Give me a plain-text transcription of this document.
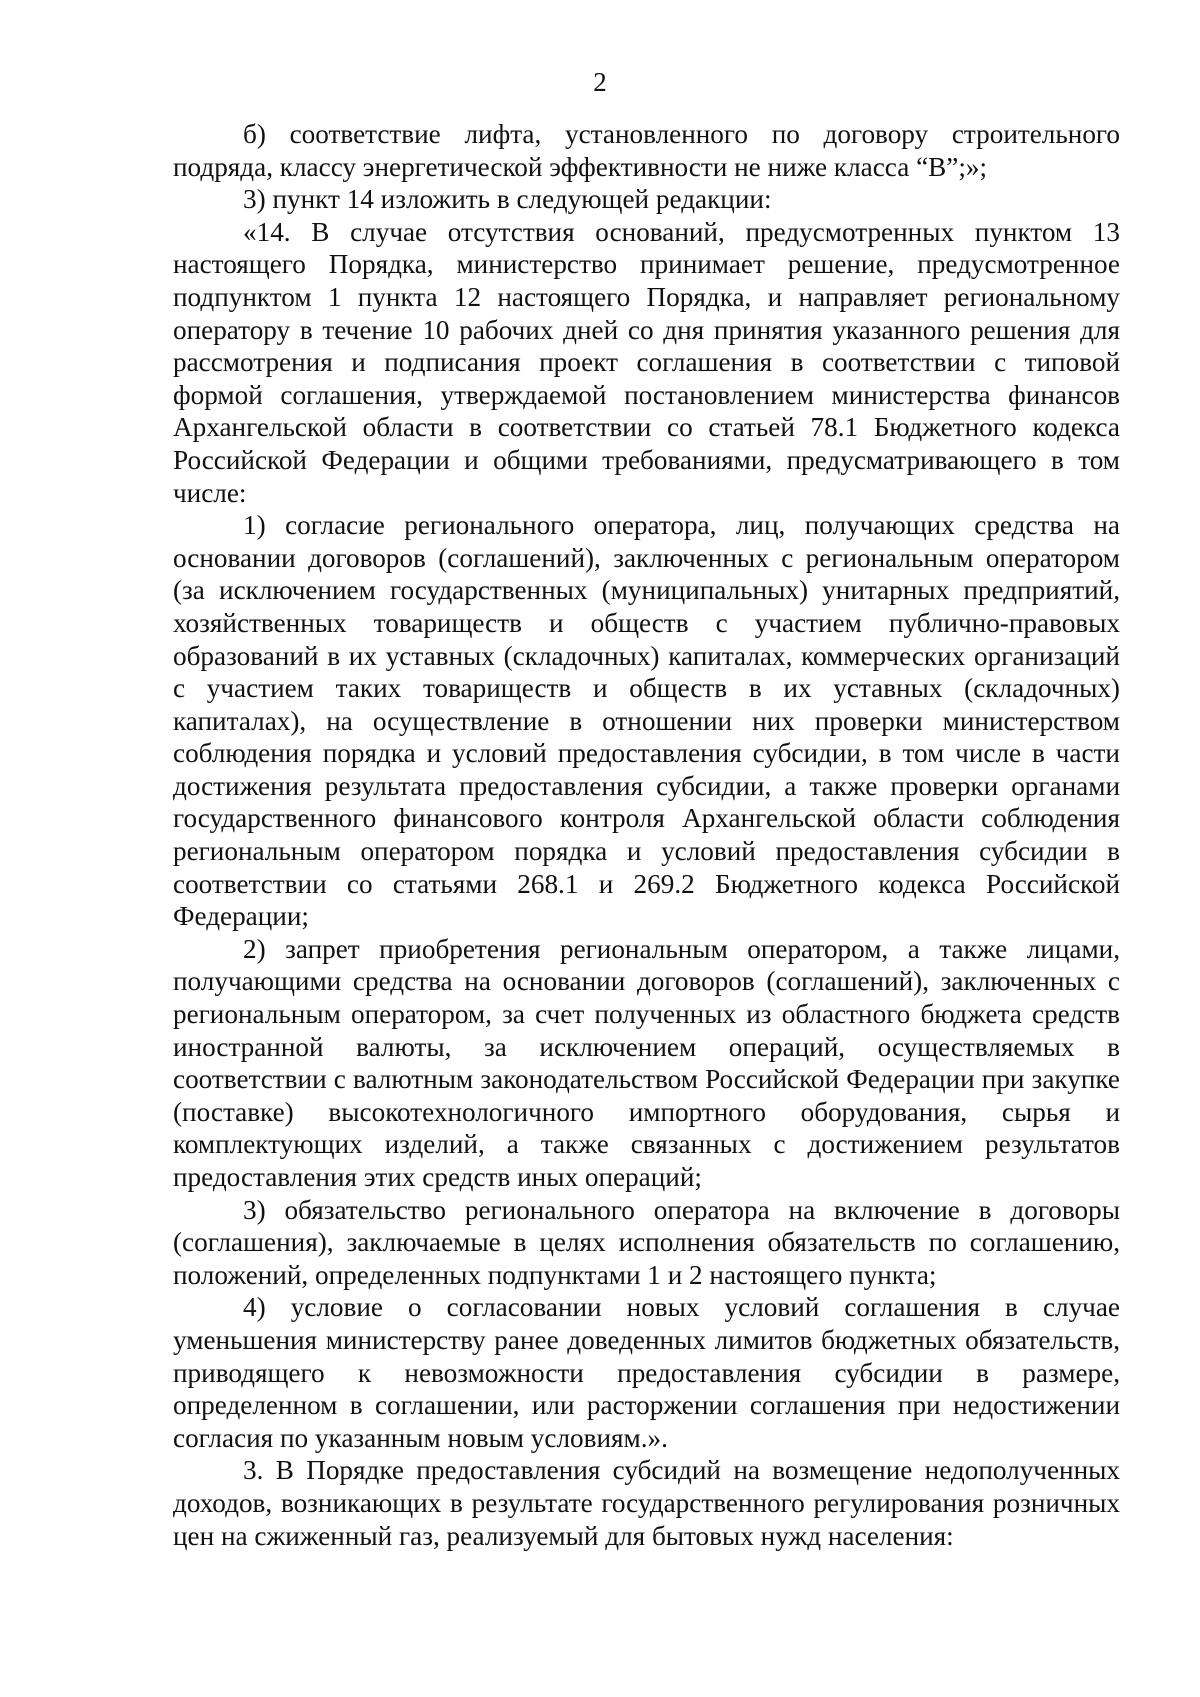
2

б) соответствие лифта, установленного по договору строительного подряда, классу энергетической эффективности не ниже класса “B”;»;

3) пункт 14 изложить в следующей редакции:

«14. В случае отсутствия оснований, предусмотренных пунктом 13 настоящего Порядка, министерство принимает решение, предусмотренное подпунктом 1 пункта 12 настоящего Порядка, и направляет региональному оператору в течение 10 рабочих дней со дня принятия указанного решения для рассмотрения и подписания проект соглашения в соответствии с типовой формой соглашения, утверждаемой постановлением министерства финансов Архангельской области в соответствии со статьей 78.1 Бюджетного кодекса Российской Федерации и общими требованиями, предусматривающего в том числе:

1) согласие регионального оператора, лиц, получающих средства на основании договоров (соглашений), заключенных с региональным оператором (за исключением государственных (муниципальных) унитарных предприятий, хозяйственных товариществ и обществ с участием публично-правовых образований в их уставных (складочных) капиталах, коммерческих организаций с участием таких товариществ и обществ в их уставных (складочных) капиталах), на осуществление в отношении них проверки министерством соблюдения порядка и условий предоставления субсидии, в том числе в части достижения результата предоставления субсидии, а также проверки органами государственного финансового контроля Архангельской области соблюдения региональным оператором порядка и условий предоставления субсидии в соответствии со статьями 268.1 и 269.2 Бюджетного кодекса Российской Федерации;

2) запрет приобретения региональным оператором, а также лицами, получающими средства на основании договоров (соглашений), заключенных с региональным оператором, за счет полученных из областного бюджета средств иностранной валюты, за исключением операций, осуществляемых в соответствии с валютным законодательством Российской Федерации при закупке (поставке) высокотехнологичного импортного оборудования, сырья и комплектующих изделий, а также связанных с достижением результатов предоставления этих средств иных операций;

3) обязательство регионального оператора на включение в договоры (соглашения), заключаемые в целях исполнения обязательств по соглашению, положений, определенных подпунктами 1 и 2 настоящего пункта;

4) условие о согласовании новых условий соглашения в случае уменьшения министерству ранее доведенных лимитов бюджетных обязательств, приводящего к невозможности предоставления субсидии в размере, определенном в соглашении, или расторжении соглашения при недостижении согласия по указанным новым условиям.».

3. В Порядке предоставления субсидий на возмещение недополученных доходов, возникающих в результате государственного регулирования розничных цен на сжиженный газ, реализуемый для бытовых нужд населения:
